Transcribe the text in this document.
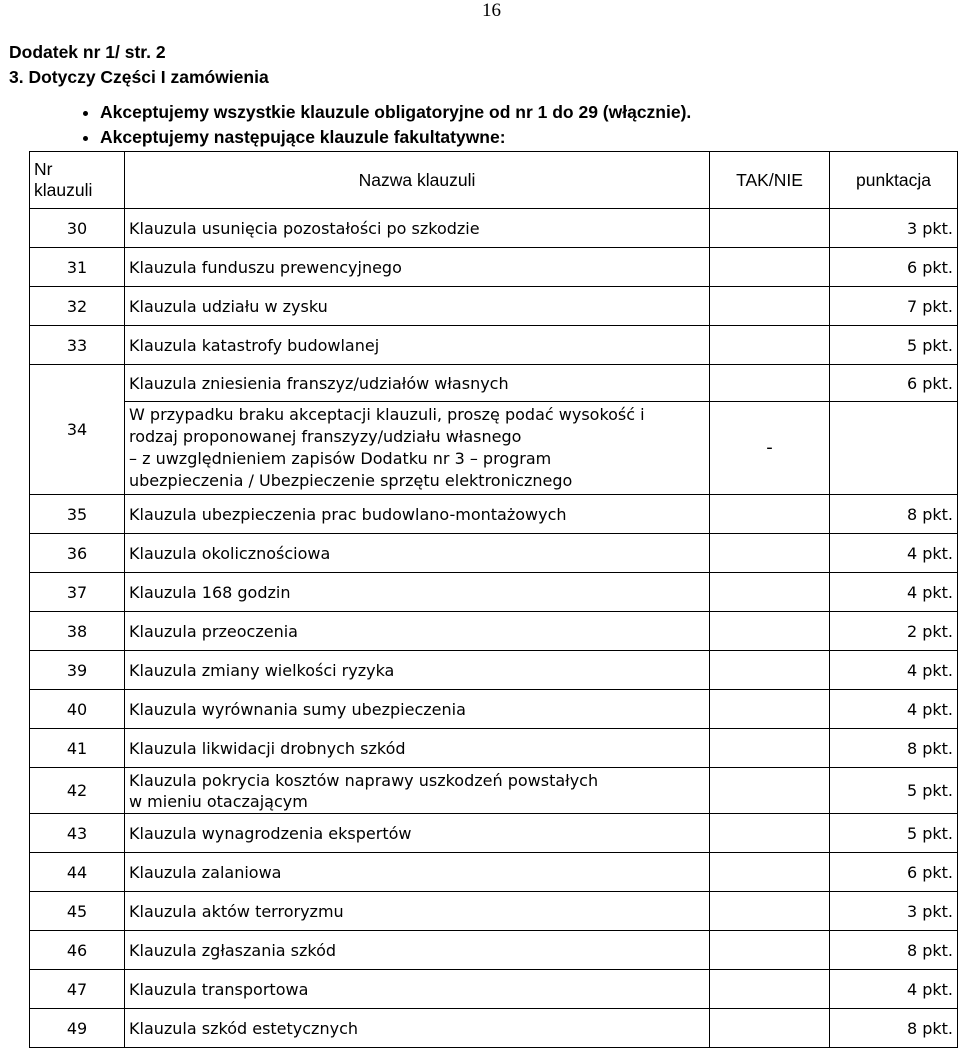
16
Dodatek nr 1/ str. 2
3. Dotyczy Części I zamówienia
• Akceptujemy wszystkie klauzule obligatoryjne od nr 1 do 29 (włącznie).
• Akceptujemy następujące klauzule fakultatywne:
Nr
klauzuli	Nazwa klauzuli	TAK/NIE	punktacja
30	Klauzula usunięcia pozostałości po szkodzie		3 pkt.
31	Klauzula funduszu prewencyjnego		6 pkt.
32	Klauzula udziału w zysku		7 pkt.
33	Klauzula katastrofy budowlanej		5 pkt.
34	Klauzula zniesienia franszyz/udziałów własnych		6 pkt.
	W przypadku braku akceptacji klauzuli, proszę podać wysokość i
rodzaj proponowanej franszyzy/udziału własnego
– z uwzględnieniem zapisów Dodatku nr 3 – program
ubezpieczenia / Ubezpieczenie sprzętu elektronicznego	-	
35	Klauzula ubezpieczenia prac budowlano-montażowych		8 pkt.
36	Klauzula okolicznościowa		4 pkt.
37	Klauzula 168 godzin		4 pkt.
38	Klauzula przeoczenia		2 pkt.
39	Klauzula zmiany wielkości ryzyka		4 pkt.
40	Klauzula wyrównania sumy ubezpieczenia		4 pkt.
41	Klauzula likwidacji drobnych szkód		8 pkt.
42	Klauzula pokrycia kosztów naprawy uszkodzeń powstałych
w mieniu otaczającym		5 pkt.
43	Klauzula wynagrodzenia ekspertów		5 pkt.
44	Klauzula zalaniowa		6 pkt.
45	Klauzula aktów terroryzmu		3 pkt.
46	Klauzula zgłaszania szkód		8 pkt.
47	Klauzula transportowa		4 pkt.
49	Klauzula szkód estetycznych		8 pkt.
